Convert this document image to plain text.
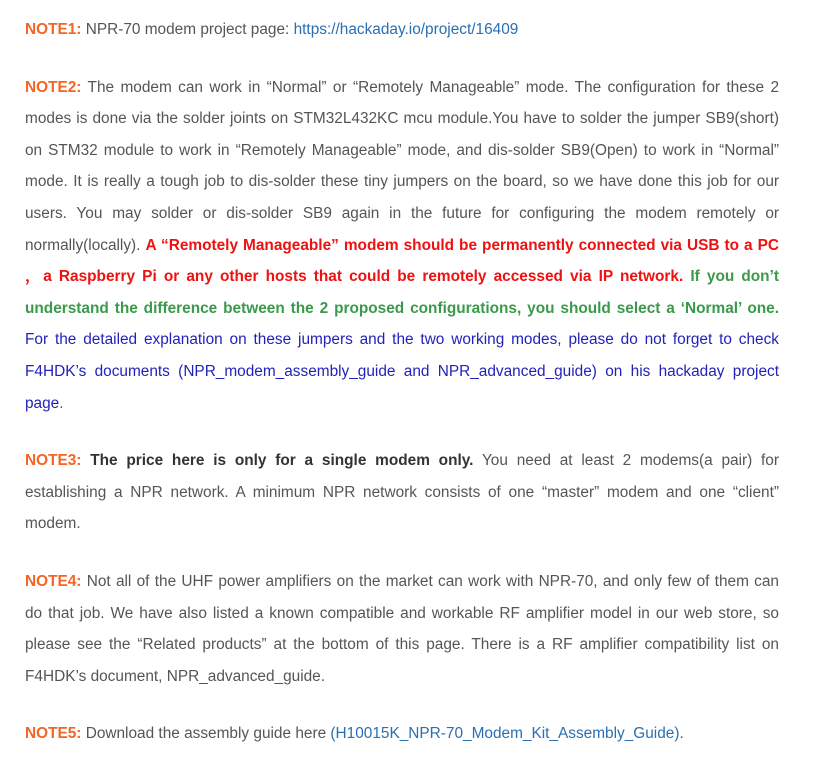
NOTE1: NPR-70 modem project page: https://hackaday.io/project/16409

NOTE2: The modem can work in “Normal” or “Remotely Manageable” mode. The configuration for these 2 modes is done via the solder joints on STM32L432KC mcu module.You have to solder the jumper SB9(short) on STM32 module to work in “Remotely Manageable” mode, and dis-solder SB9(Open) to work in “Normal” mode. It is really a tough job to dis-solder these tiny jumpers on the board, so we have done this job for our users. You may solder or dis-solder SB9 again in the future for configuring the modem remotely or normally(locally). A “Remotely Manageable” modem should be permanently connected via USB to a PC ，a Raspberry Pi or any other hosts that could be remotely accessed via IP network. If you don’t understand the difference between the 2 proposed configurations, you should select a ‘Normal’ one. For the detailed explanation on these jumpers and the two working modes, please do not forget to check F4HDK’s documents (NPR_modem_assembly_guide and NPR_advanced_guide) on his hackaday project page.

NOTE3: The price here is only for a single modem only. You need at least 2 modems(a pair) for establishing a NPR network. A minimum NPR network consists of one “master” modem and one “client” modem.

NOTE4: Not all of the UHF power amplifiers on the market can work with NPR-70, and only few of them can do that job. We have also listed a known compatible and workable RF amplifier model in our web store, so please see the “Related products” at the bottom of this page. There is a RF amplifier compatibility list on F4HDK’s document, NPR_advanced_guide.

NOTE5: Download the assembly guide here (H10015K_NPR-70_Modem_Kit_Assembly_Guide).
